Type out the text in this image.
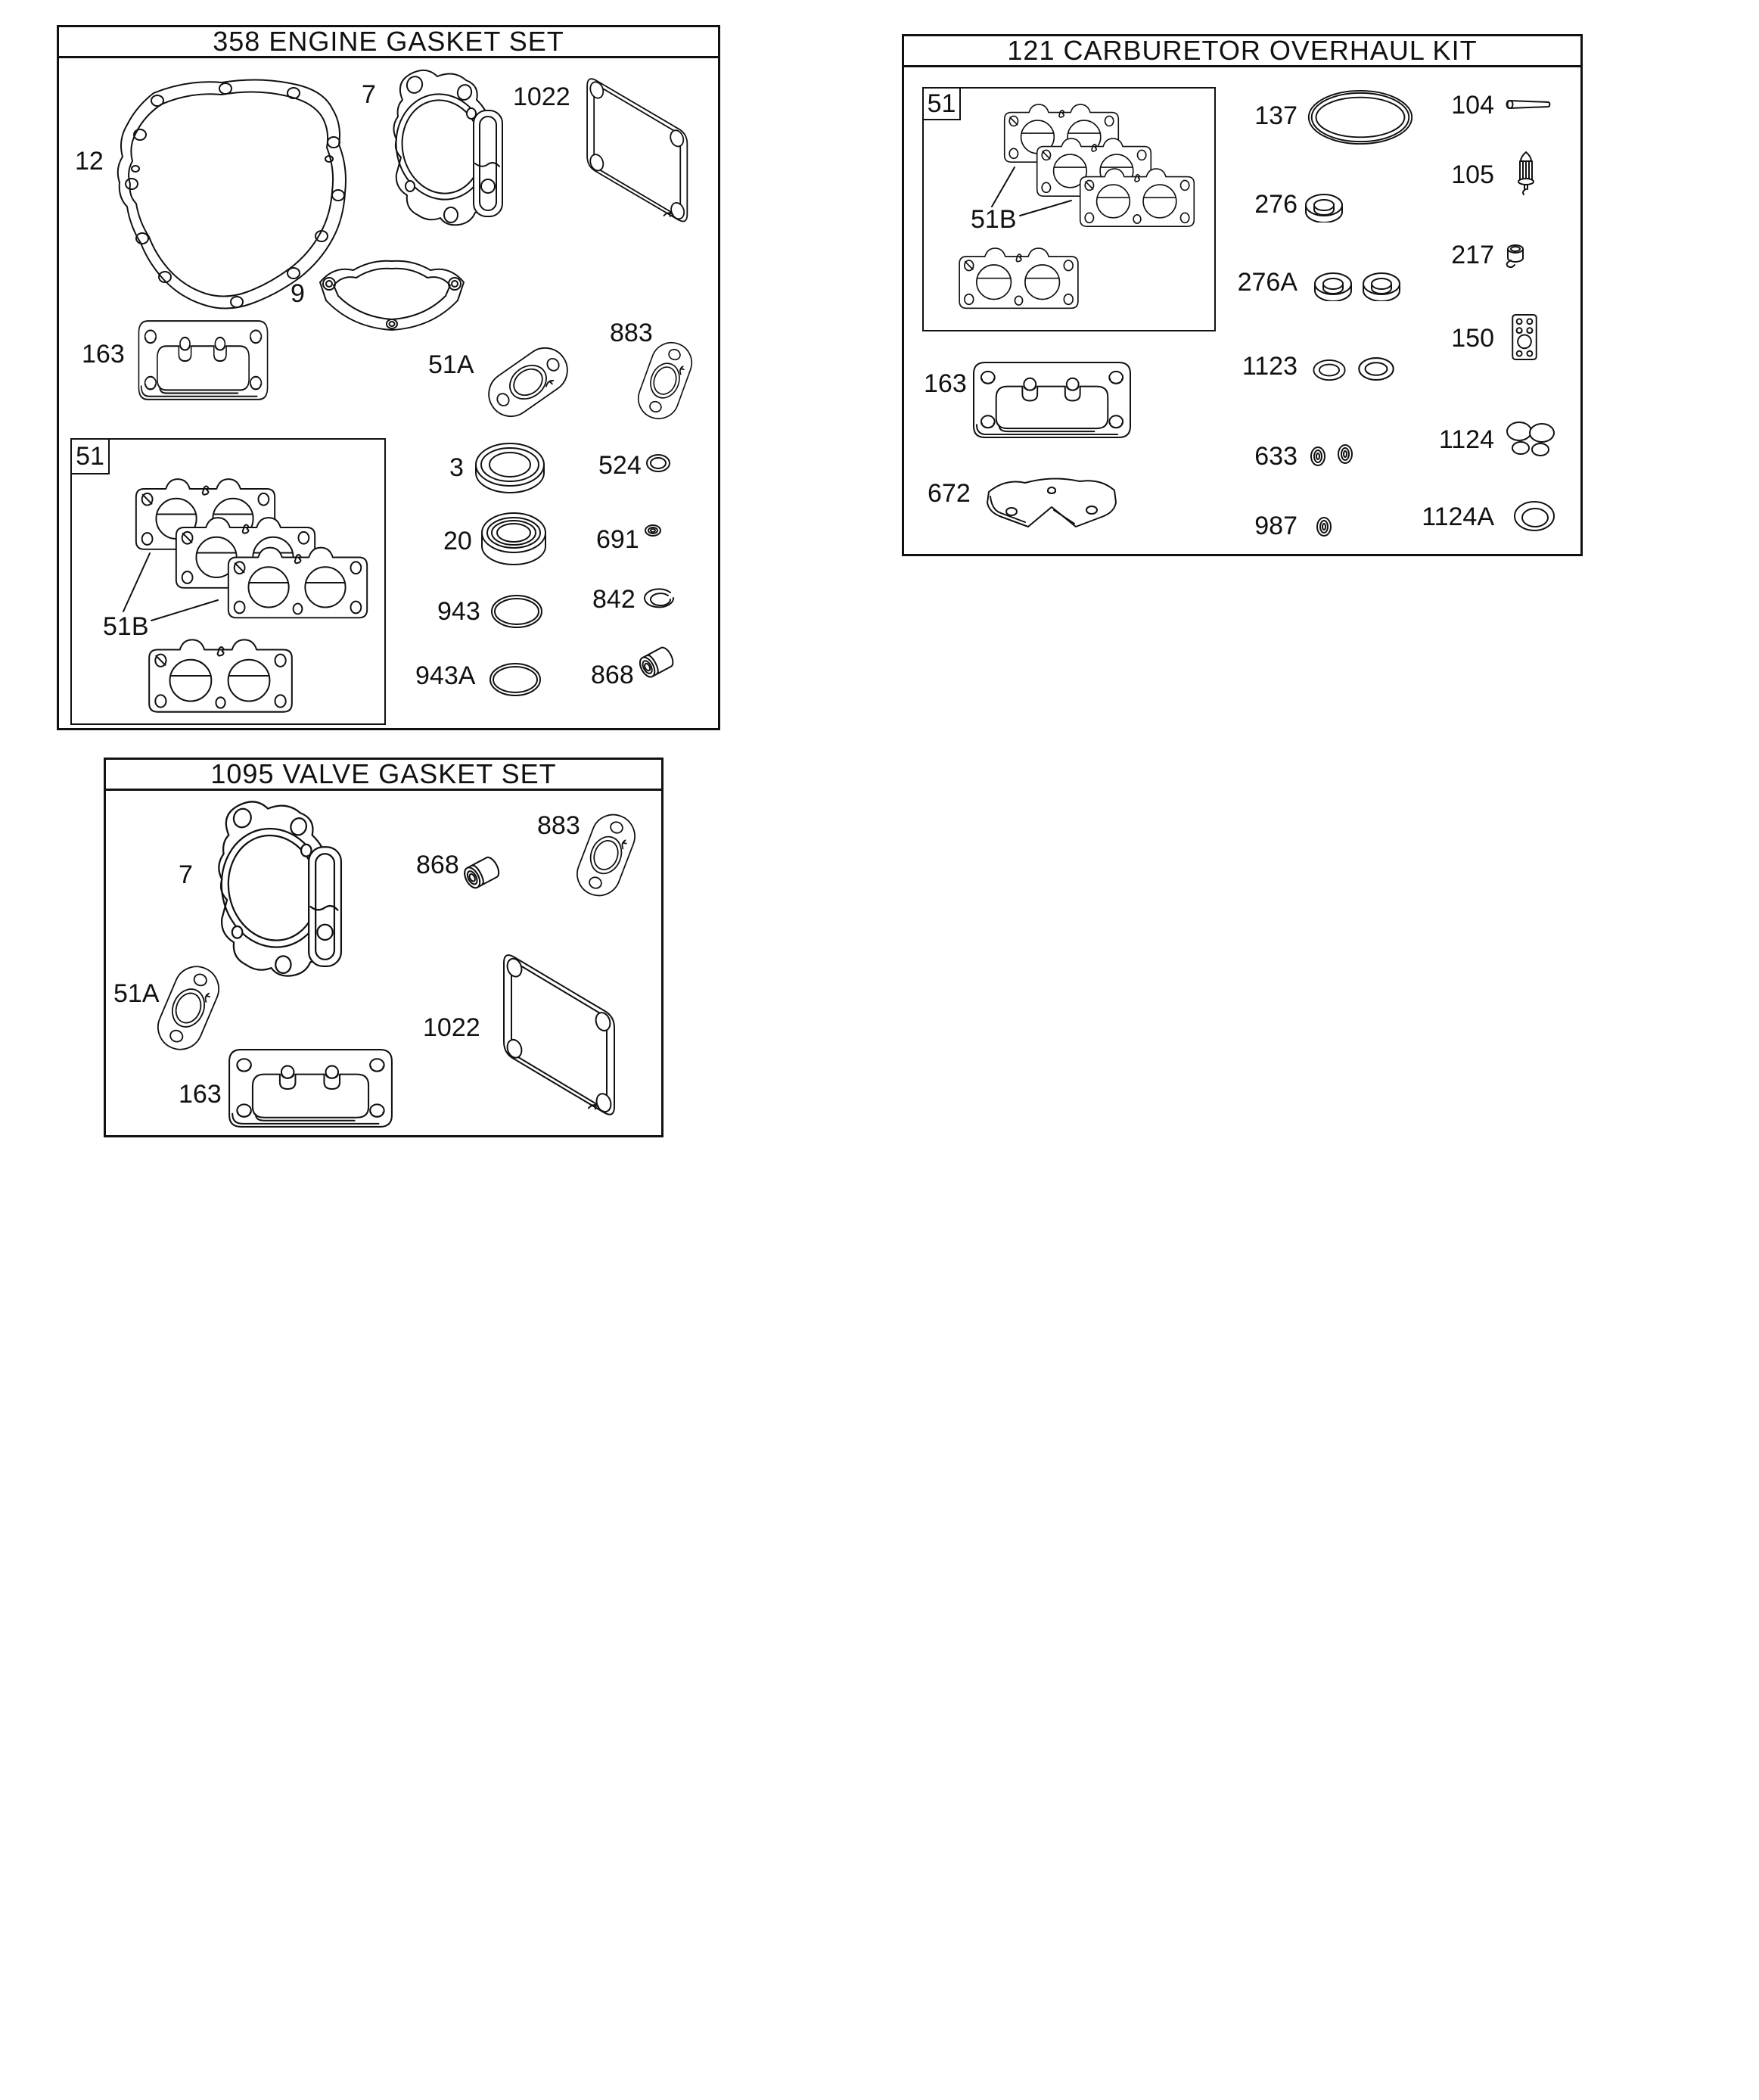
358 ENGINE GASKET SET
12
7	1022
9
163	51A
883
51
51B
3	524
20	691
943	842
943A	868
121 CARBURETOR OVERHAUL KIT
51
51B
137	104
276
105
276A
217
1123
150
633
1124
987	1124A
163
672
1095 VALVE GASKET SET
7
883
868
51A
1022
163
